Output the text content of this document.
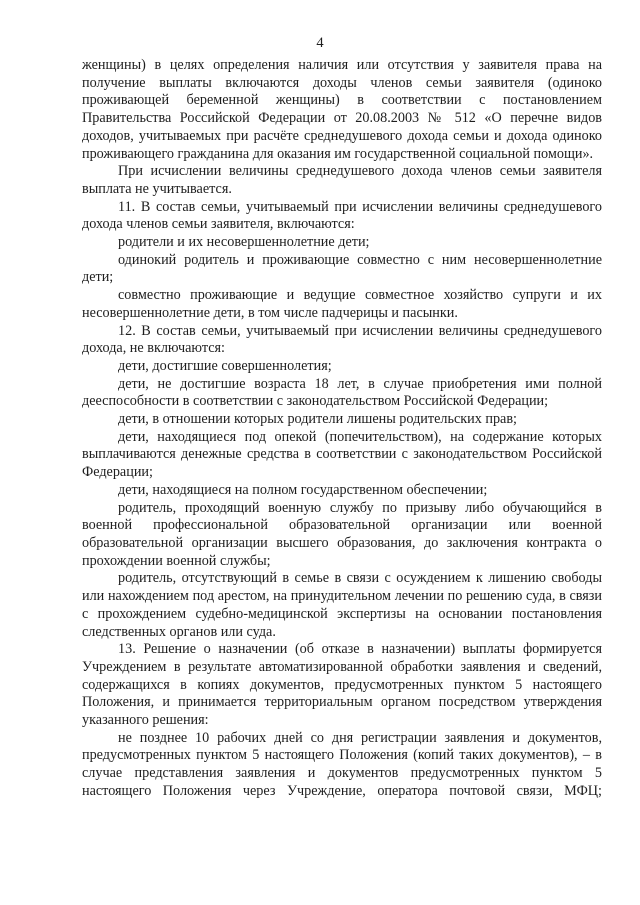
4

женщины) в целях определения наличия или отсутствия у заявителя права на получение выплаты включаются доходы членов семьи заявителя (одиноко проживающей беременной женщины) в соответствии с постановлением Правительства Российской Федерации от 20.08.2003 № 512 «О перечне видов доходов, учитываемых при расчёте среднедушевого дохода семьи и дохода одиноко проживающего гражданина для оказания им государственной социальной помощи».

При исчислении величины среднедушевого дохода членов семьи заявителя выплата не учитывается.

11. В состав семьи, учитываемый при исчислении величины среднедушевого дохода членов семьи заявителя, включаются:

родители и их несовершеннолетние дети;

одинокий родитель и проживающие совместно с ним несовершеннолетние дети;

совместно проживающие и ведущие совместное хозяйство супруги и их несовершеннолетние дети, в том числе падчерицы и пасынки.

12. В состав семьи, учитываемый при исчислении величины среднедушевого дохода, не включаются:

дети, достигшие совершеннолетия;

дети, не достигшие возраста 18 лет, в случае приобретения ими полной дееспособности в соответствии с законодательством Российской Федерации;

дети, в отношении которых родители лишены родительских прав;

дети, находящиеся под опекой (попечительством), на содержание которых выплачиваются денежные средства в соответствии с законодательством Российской Федерации;

дети, находящиеся на полном государственном обеспечении;

родитель, проходящий военную службу по призыву либо обучающийся в военной профессиональной образовательной организации или военной образовательной организации высшего образования, до заключения контракта о прохождении военной службы;

родитель, отсутствующий в семье в связи с осуждением к лишению свободы или нахождением под арестом, на принудительном лечении по решению суда, в связи с прохождением судебно-медицинской экспертизы на основании постановления следственных органов или суда.

13. Решение о назначении (об отказе в назначении) выплаты формируется Учреждением в результате автоматизированной обработки заявления и сведений, содержащихся в копиях документов, предусмотренных пунктом 5 настоящего Положения, и принимается территориальным органом посредством утверждения указанного решения:

не позднее 10 рабочих дней со дня регистрации заявления и документов, предусмотренных пунктом 5 настоящего Положения (копий таких документов), – в случае представления заявления и документов предусмотренных пунктом 5 настоящего Положения через Учреждение, оператора почтовой связи, МФЦ;
